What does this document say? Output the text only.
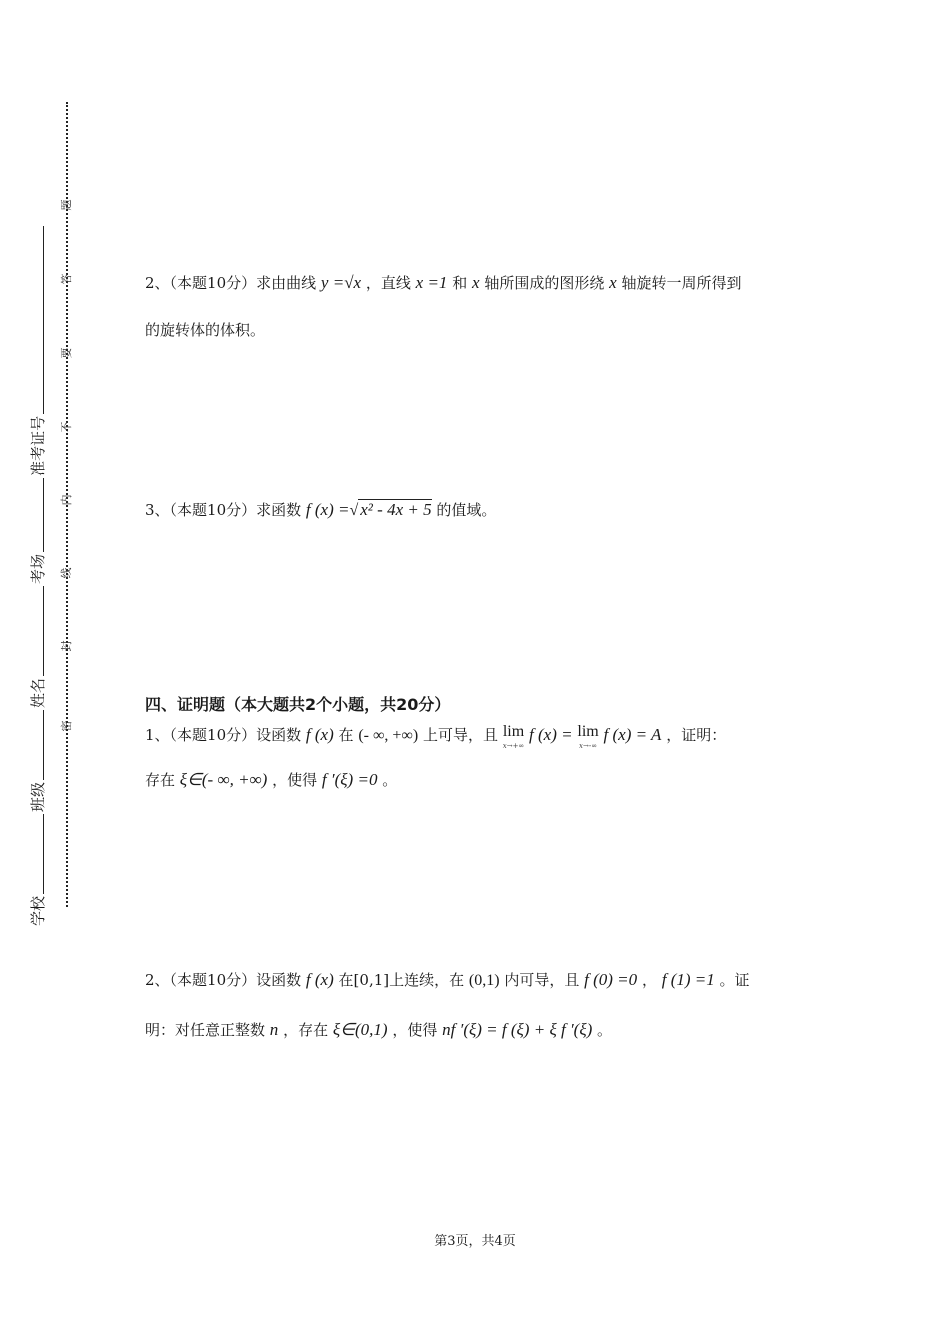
学校
班级
姓名
考场
准考证号
密
封
线
内
不
要
答
题
2、（本题10分）求由曲线 y =√x ，直线 x =1 和 x 轴所围成的图形绕 x 轴旋转一周所得到
的旋转体的体积。
3、（本题10分）求函数 f (x) =√ x² - 4x + 5 的值域。
四、证明题（本大题共2个小题，共20分）
1、（本题10分）设函数 f (x) 在 (- ∞, +∞) 上可导，且 lim
x→+∞
f (x) = lim
x→-∞
f (x) = A ，证明：
存在 ξ∈(- ∞, +∞) ，使得 f ′(ξ) =0 。
2、（本题10分）设函数 f (x) 在[0,1]上连续，在 (0,1) 内可导，且 f (0) =0 ， f (1) =1 。证
明：对任意正整数 n ，存在 ξ∈(0,1) ，使得 nf ′(ξ) = f (ξ) + ξ f ′(ξ) 。
第3页，共4页
